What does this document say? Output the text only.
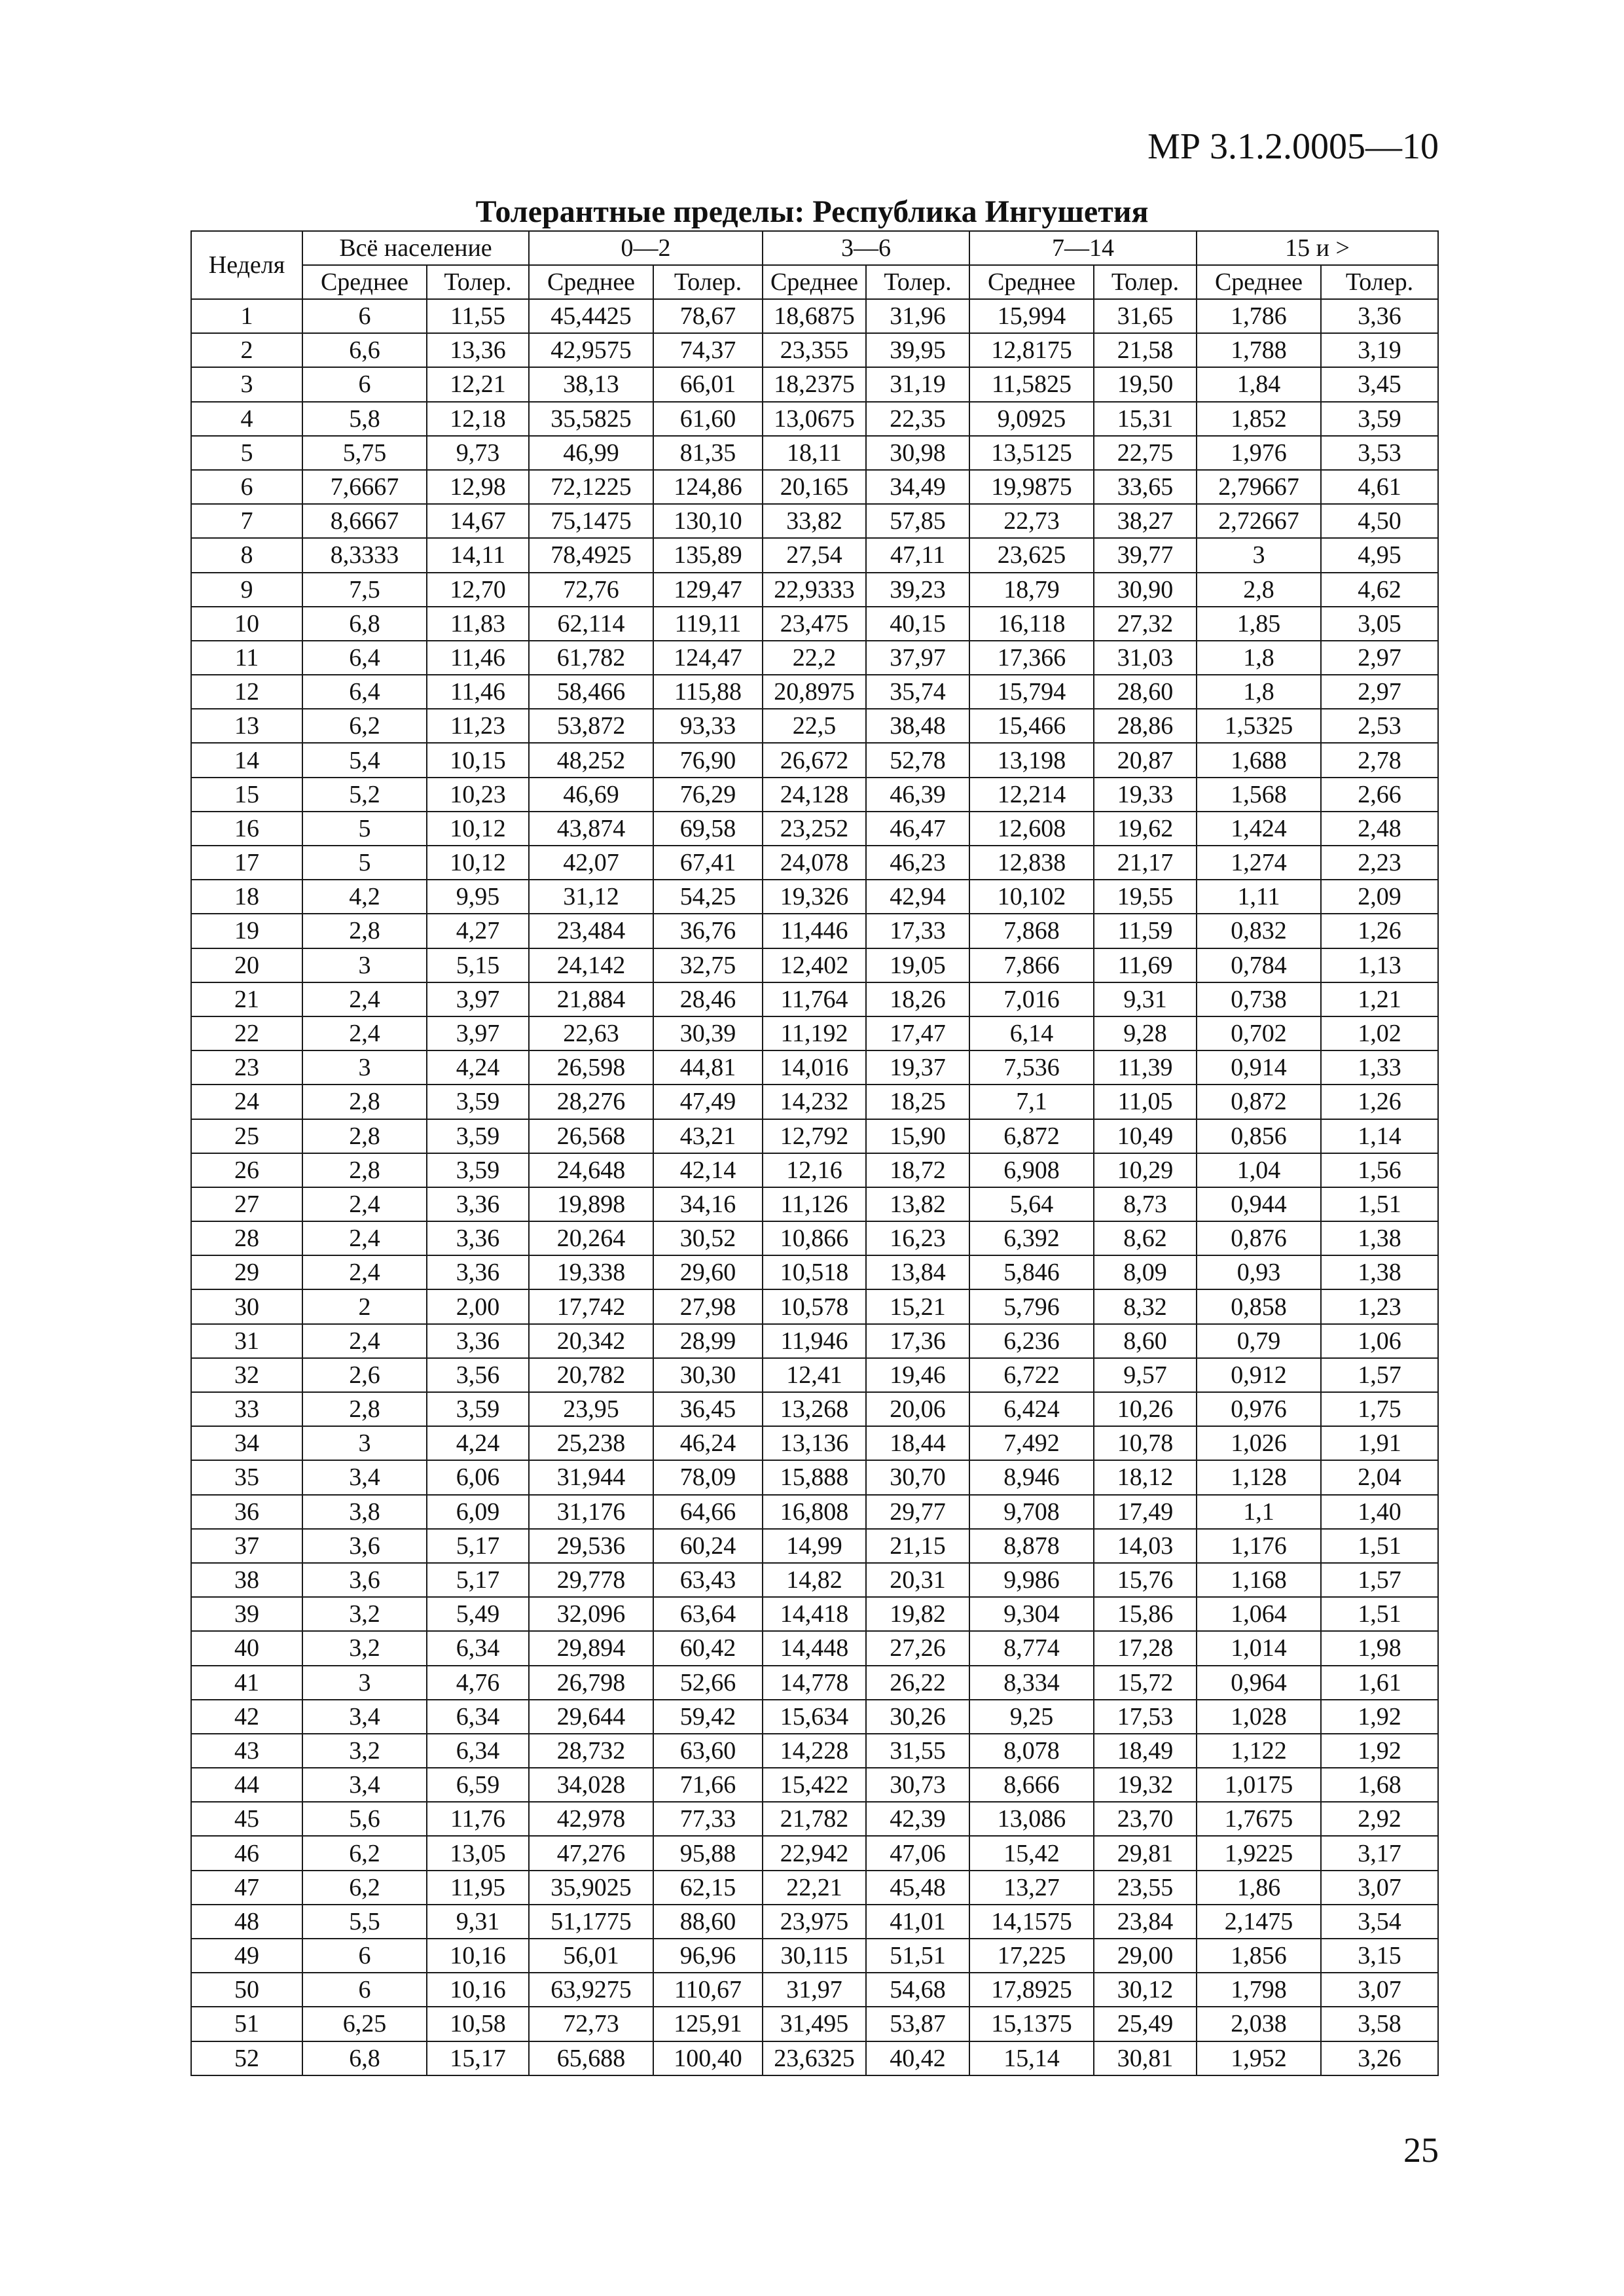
МР 3.1.2.0005—10
Толерантные пределы: Республика Ингушетия
Неделя	Всё население		0—2		3—6		7—14		15 и >	
	Среднее	Толер.	Среднее	Толер.	Среднее	Толер.	Среднее	Толер.	Среднее	Толер.
1	6	11,55	45,4425	78,67	18,6875	31,96	15,994	31,65	1,786	3,36
2	6,6	13,36	42,9575	74,37	23,355	39,95	12,8175	21,58	1,788	3,19
3	6	12,21	38,13	66,01	18,2375	31,19	11,5825	19,50	1,84	3,45
4	5,8	12,18	35,5825	61,60	13,0675	22,35	9,0925	15,31	1,852	3,59
5	5,75	9,73	46,99	81,35	18,11	30,98	13,5125	22,75	1,976	3,53
6	7,6667	12,98	72,1225	124,86	20,165	34,49	19,9875	33,65	2,79667	4,61
7	8,6667	14,67	75,1475	130,10	33,82	57,85	22,73	38,27	2,72667	4,50
8	8,3333	14,11	78,4925	135,89	27,54	47,11	23,625	39,77	3	4,95
9	7,5	12,70	72,76	129,47	22,9333	39,23	18,79	30,90	2,8	4,62
10	6,8	11,83	62,114	119,11	23,475	40,15	16,118	27,32	1,85	3,05
11	6,4	11,46	61,782	124,47	22,2	37,97	17,366	31,03	1,8	2,97
12	6,4	11,46	58,466	115,88	20,8975	35,74	15,794	28,60	1,8	2,97
13	6,2	11,23	53,872	93,33	22,5	38,48	15,466	28,86	1,5325	2,53
14	5,4	10,15	48,252	76,90	26,672	52,78	13,198	20,87	1,688	2,78
15	5,2	10,23	46,69	76,29	24,128	46,39	12,214	19,33	1,568	2,66
16	5	10,12	43,874	69,58	23,252	46,47	12,608	19,62	1,424	2,48
17	5	10,12	42,07	67,41	24,078	46,23	12,838	21,17	1,274	2,23
18	4,2	9,95	31,12	54,25	19,326	42,94	10,102	19,55	1,11	2,09
19	2,8	4,27	23,484	36,76	11,446	17,33	7,868	11,59	0,832	1,26
20	3	5,15	24,142	32,75	12,402	19,05	7,866	11,69	0,784	1,13
21	2,4	3,97	21,884	28,46	11,764	18,26	7,016	9,31	0,738	1,21
22	2,4	3,97	22,63	30,39	11,192	17,47	6,14	9,28	0,702	1,02
23	3	4,24	26,598	44,81	14,016	19,37	7,536	11,39	0,914	1,33
24	2,8	3,59	28,276	47,49	14,232	18,25	7,1	11,05	0,872	1,26
25	2,8	3,59	26,568	43,21	12,792	15,90	6,872	10,49	0,856	1,14
26	2,8	3,59	24,648	42,14	12,16	18,72	6,908	10,29	1,04	1,56
27	2,4	3,36	19,898	34,16	11,126	13,82	5,64	8,73	0,944	1,51
28	2,4	3,36	20,264	30,52	10,866	16,23	6,392	8,62	0,876	1,38
29	2,4	3,36	19,338	29,60	10,518	13,84	5,846	8,09	0,93	1,38
30	2	2,00	17,742	27,98	10,578	15,21	5,796	8,32	0,858	1,23
31	2,4	3,36	20,342	28,99	11,946	17,36	6,236	8,60	0,79	1,06
32	2,6	3,56	20,782	30,30	12,41	19,46	6,722	9,57	0,912	1,57
33	2,8	3,59	23,95	36,45	13,268	20,06	6,424	10,26	0,976	1,75
34	3	4,24	25,238	46,24	13,136	18,44	7,492	10,78	1,026	1,91
35	3,4	6,06	31,944	78,09	15,888	30,70	8,946	18,12	1,128	2,04
36	3,8	6,09	31,176	64,66	16,808	29,77	9,708	17,49	1,1	1,40
37	3,6	5,17	29,536	60,24	14,99	21,15	8,878	14,03	1,176	1,51
38	3,6	5,17	29,778	63,43	14,82	20,31	9,986	15,76	1,168	1,57
39	3,2	5,49	32,096	63,64	14,418	19,82	9,304	15,86	1,064	1,51
40	3,2	6,34	29,894	60,42	14,448	27,26	8,774	17,28	1,014	1,98
41	3	4,76	26,798	52,66	14,778	26,22	8,334	15,72	0,964	1,61
42	3,4	6,34	29,644	59,42	15,634	30,26	9,25	17,53	1,028	1,92
43	3,2	6,34	28,732	63,60	14,228	31,55	8,078	18,49	1,122	1,92
44	3,4	6,59	34,028	71,66	15,422	30,73	8,666	19,32	1,0175	1,68
45	5,6	11,76	42,978	77,33	21,782	42,39	13,086	23,70	1,7675	2,92
46	6,2	13,05	47,276	95,88	22,942	47,06	15,42	29,81	1,9225	3,17
47	6,2	11,95	35,9025	62,15	22,21	45,48	13,27	23,55	1,86	3,07
48	5,5	9,31	51,1775	88,60	23,975	41,01	14,1575	23,84	2,1475	3,54
49	6	10,16	56,01	96,96	30,115	51,51	17,225	29,00	1,856	3,15
50	6	10,16	63,9275	110,67	31,97	54,68	17,8925	30,12	1,798	3,07
51	6,25	10,58	72,73	125,91	31,495	53,87	15,1375	25,49	2,038	3,58
52	6,8	15,17	65,688	100,40	23,6325	40,42	15,14	30,81	1,952	3,26
25
